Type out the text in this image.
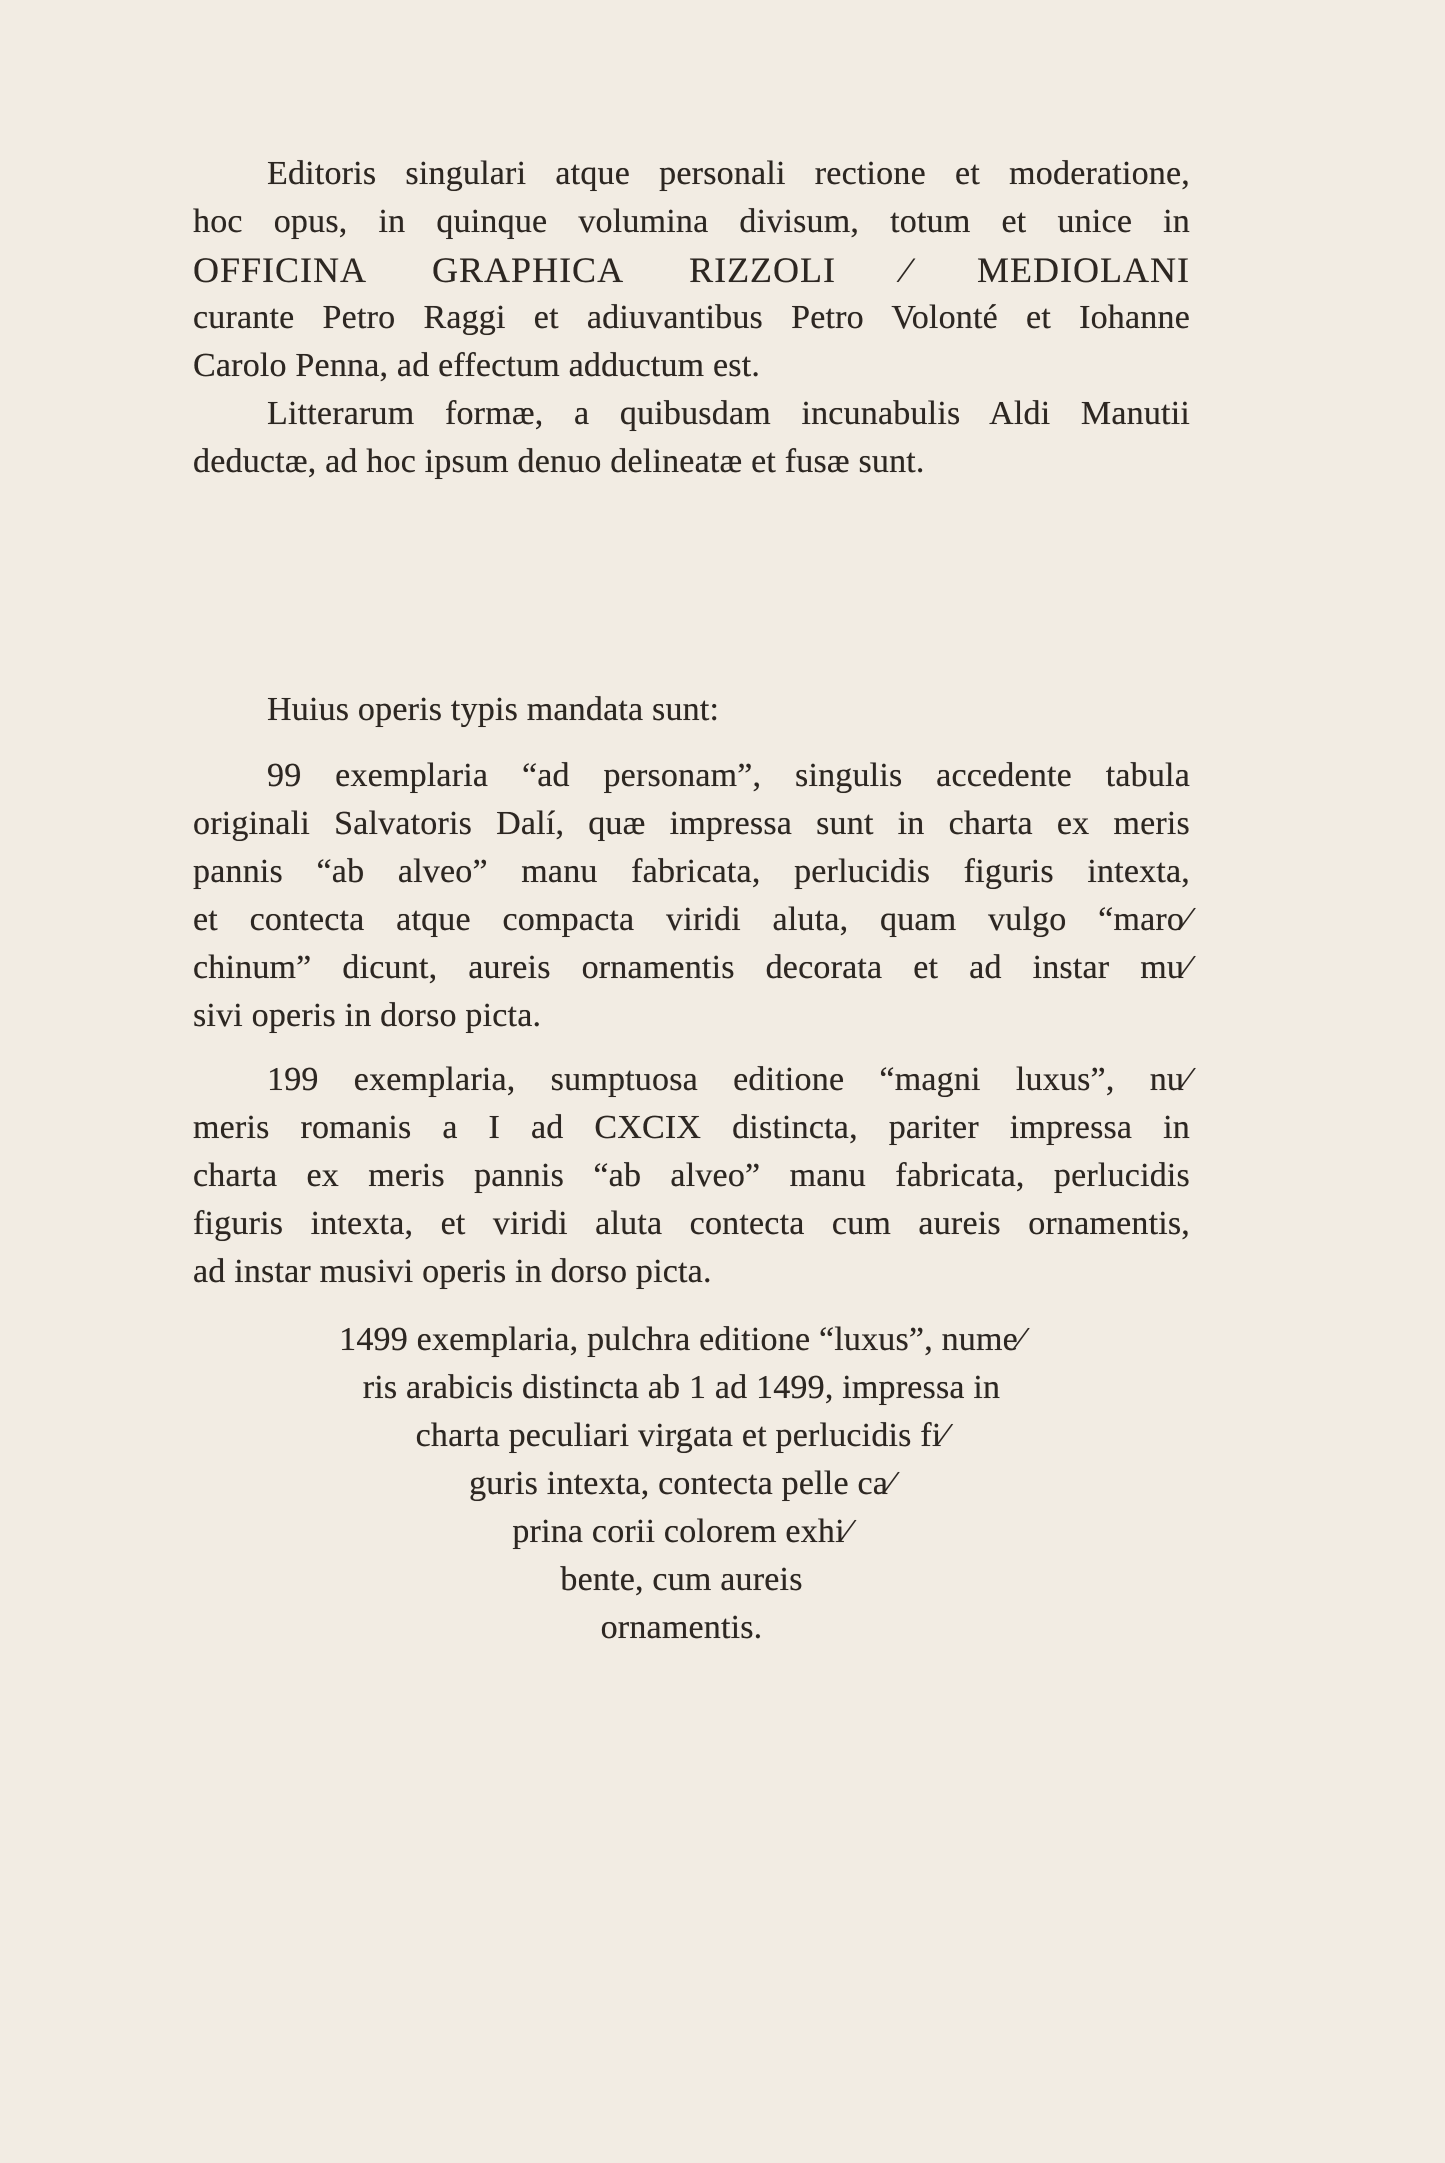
Editoris singulari atque personali rectione et moderatione,
hoc opus, in quinque volumina divisum, totum et unice in
OFFICINA GRAPHICA RIZZOLI ⁄ MEDIOLANI
curante Petro Raggi et adiuvantibus Petro Volonté et Iohanne
Carolo Penna, ad effectum adductum est.

Litterarum formæ, a quibusdam incunabulis Aldi Manutii
deductæ, ad hoc ipsum denuo delineatæ et fusæ sunt.

Huius operis typis mandata sunt:

99 exemplaria “ad personam”, singulis accedente tabula
originali Salvatoris Dalí, quæ impressa sunt in charta ex meris
pannis “ab alveo” manu fabricata, perlucidis figuris intexta,
et contecta atque compacta viridi aluta, quam vulgo “maro⁄
chinum” dicunt, aureis ornamentis decorata et ad instar mu⁄
sivi operis in dorso picta.

199 exemplaria, sumptuosa editione “magni luxus”, nu⁄
meris romanis a I ad CXCIX distincta, pariter impressa in
charta ex meris pannis “ab alveo” manu fabricata, perlucidis
figuris intexta, et viridi aluta contecta cum aureis ornamentis,
ad instar musivi operis in dorso picta.

1499 exemplaria, pulchra editione “luxus”, nume⁄
ris arabicis distincta ab 1 ad 1499, impressa in
charta peculiari virgata et perlucidis fi⁄
guris intexta, contecta pelle ca⁄
prina corii colorem exhi⁄
bente, cum aureis
ornamentis.
